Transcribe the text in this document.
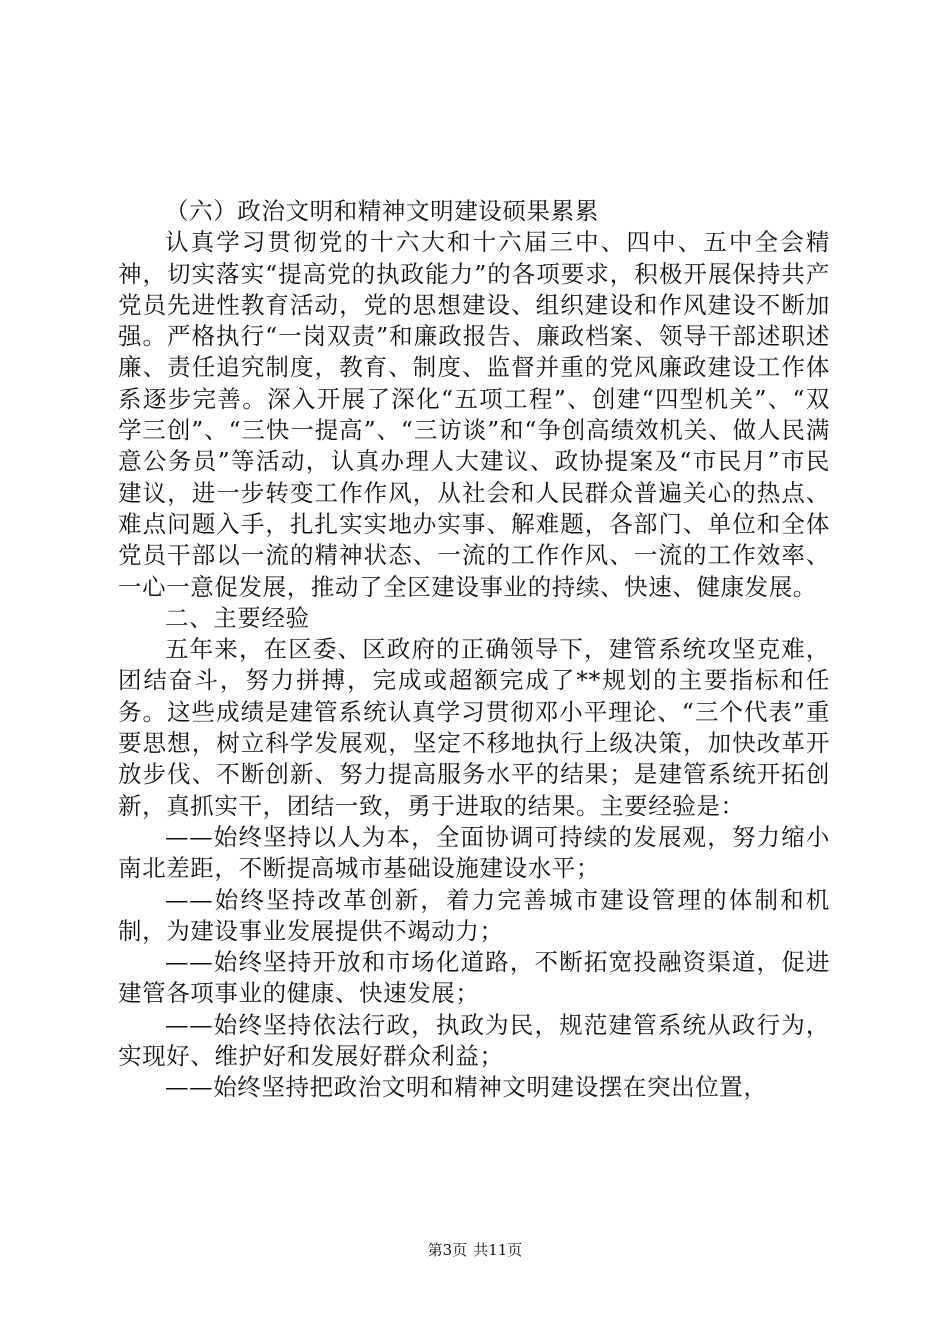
（六）政治文明和精神文明建设硕果累累

认真学习贯彻党的十六大和十六届三中、四中、五中全会精神，切实落实“提高党的执政能力”的各项要求，积极开展保持共产党员先进性教育活动，党的思想建设、组织建设和作风建设不断加强。严格执行“一岗双责”和廉政报告、廉政档案、领导干部述职述廉、责任追究制度，教育、制度、监督并重的党风廉政建设工作体系逐步完善。深入开展了深化“五项工程”、创建“四型机关”、“双学三创”、“三快一提高”、“三访谈”和“争创高绩效机关、做人民满意公务员”等活动，认真办理人大建议、政协提案及“市民月”市民建议，进一步转变工作作风，从社会和人民群众普遍关心的热点、难点问题入手，扎扎实实地办实事、解难题，各部门、单位和全体党员干部以一流的精神状态、一流的工作作风、一流的工作效率、一心一意促发展，推动了全区建设事业的持续、快速、健康发展。

二、主要经验

五年来，在区委、区政府的正确领导下，建管系统攻坚克难，团结奋斗，努力拼搏，完成或超额完成了**规划的主要指标和任务。这些成绩是建管系统认真学习贯彻邓小平理论、“三个代表”重要思想，树立科学发展观，坚定不移地执行上级决策，加快改革开放步伐、不断创新、努力提高服务水平的结果；是建管系统开拓创新，真抓实干，团结一致，勇于进取的结果。主要经验是：

——始终坚持以人为本，全面协调可持续的发展观，努力缩小南北差距，不断提高城市基础设施建设水平；

——始终坚持改革创新，着力完善城市建设管理的体制和机制，为建设事业发展提供不竭动力；

——始终坚持开放和市场化道路，不断拓宽投融资渠道，促进建管各项事业的健康、快速发展；

——始终坚持依法行政，执政为民，规范建管系统从政行为，实现好、维护好和发展好群众利益；

——始终坚持把政治文明和精神文明建设摆在突出位置，

第3页 共11页
